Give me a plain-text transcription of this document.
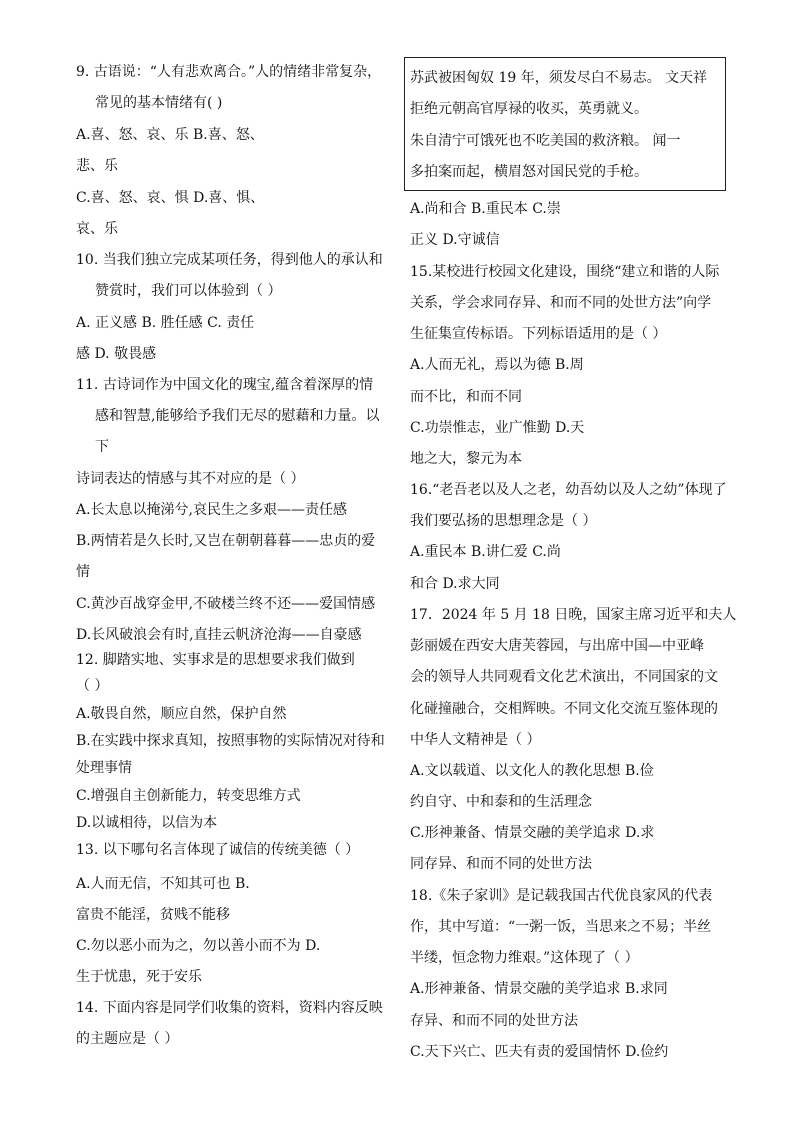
9. 古语说：“人有悲欢离合。”人的情绪非常复杂，
常见的基本情绪有( )
A.喜、怒、哀、乐 B.喜、怒、
悲、乐
C.喜、怒、哀、惧 D.喜、惧、
哀、乐
10. 当我们独立完成某项任务，得到他人的承认和
赞赏时，我们可以体验到（ ）
A. 正义感 B. 胜任感 C. 责任
感 D. 敬畏感
11. 古诗词作为中国文化的瑰宝,蕴含着深厚的情
感和智慧,能够给予我们无尽的慰藉和力量。以
下
诗词表达的情感与其不对应的是（ ）
A.长太息以掩涕兮,哀民生之多艰——责任感
B.两情若是久长时,又岂在朝朝暮暮——忠贞的爱
情
C.黄沙百战穿金甲,不破楼兰终不还——爱国情感
D.长风破浪会有时,直挂云帆济沧海——自豪感
12. 脚踏实地、实事求是的思想要求我们做到
（ ）
A.敬畏自然，顺应自然，保护自然
B.在实践中探求真知，按照事物的实际情况对待和
处理事情
C.增强自主创新能力，转变思维方式
D.以诚相待，以信为本
13. 以下哪句名言体现了诚信的传统美德（ ）
A.人而无信，不知其可也 B.
富贵不能淫，贫贱不能移
C.勿以恶小而为之，勿以善小而不为 D.
生于忧患，死于安乐
14. 下面内容是同学们收集的资料，资料内容反映
的主题应是（ ）
苏武被困匈奴 19 年，须发尽白不易志。 文天祥
拒绝元朝高官厚禄的收买，英勇就义。
朱自清宁可饿死也不吃美国的救济粮。 闻一
多拍案而起，横眉怒对国民党的手枪。
A.尚和合 B.重民本 C.崇
正义 D.守诚信
15.某校进行校园文化建设，围绕“建立和谐的人际
关系，学会求同存异、和而不同的处世方法”向学
生征集宣传标语。下列标语适用的是（ ）
A.人而无礼，焉以为德 B.周
而不比，和而不同
C.功崇惟志，业广惟勤 D.天
地之大，黎元为本
16.“老吾老以及人之老，幼吾幼以及人之幼”体现了
我们要弘扬的思想理念是（ ）
A.重民本 B.讲仁爱 C.尚
和合 D.求大同
17．2024 年 5 月 18 日晚，国家主席习近平和夫人
彭丽媛在西安大唐芙蓉园，与出席中国—中亚峰
会的领导人共同观看文化艺术演出，不同国家的文
化碰撞融合，交相辉映。不同文化交流互鉴体现的
中华人文精神是（ ）
A.文以载道、以文化人的教化思想 B.俭
约自守、中和泰和的生活理念
C.形神兼备、情景交融的美学追求 D.求
同存异、和而不同的处世方法
18.《朱子家训》是记载我国古代优良家风的代表
作，其中写道：“一粥一饭，当思来之不易；半丝
半缕，恒念物力维艰。”这体现了（ ）
A.形神兼备、情景交融的美学追求 B.求同
存异、和而不同的处世方法
C.天下兴亡、匹夫有责的爱国情怀 D.俭约
